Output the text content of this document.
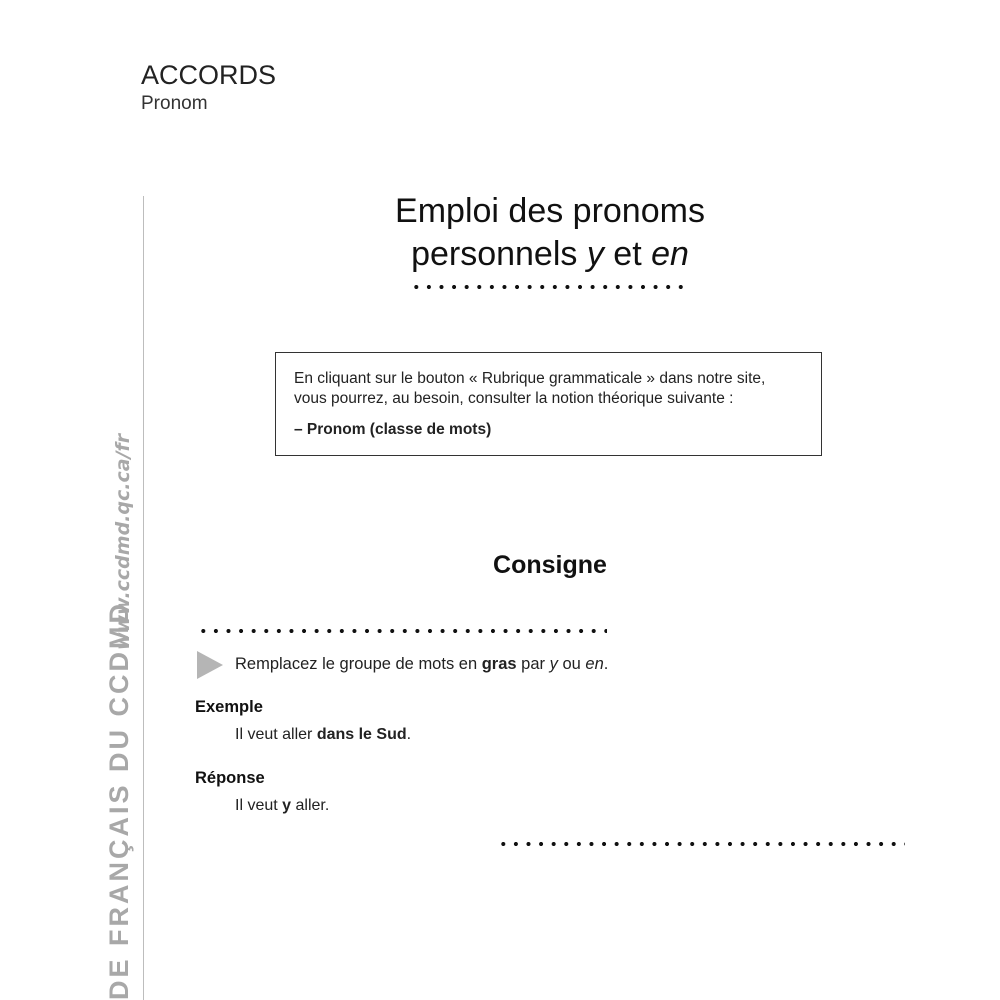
ACCORDS
Pronom
www.ccdmd.qc.ca/fr
DE FRANÇAIS DU CCDMD
Emploi des pronoms
personnels y et en
En cliquant sur le bouton « Rubrique grammaticale » dans notre site,
vous pourrez, au besoin, consulter la notion théorique suivante :
– Pronom (classe de mots)
Consigne
Remplacez le groupe de mots en gras par y ou en.
Exemple
Il veut aller dans le Sud.
Réponse
Il veut y aller.
